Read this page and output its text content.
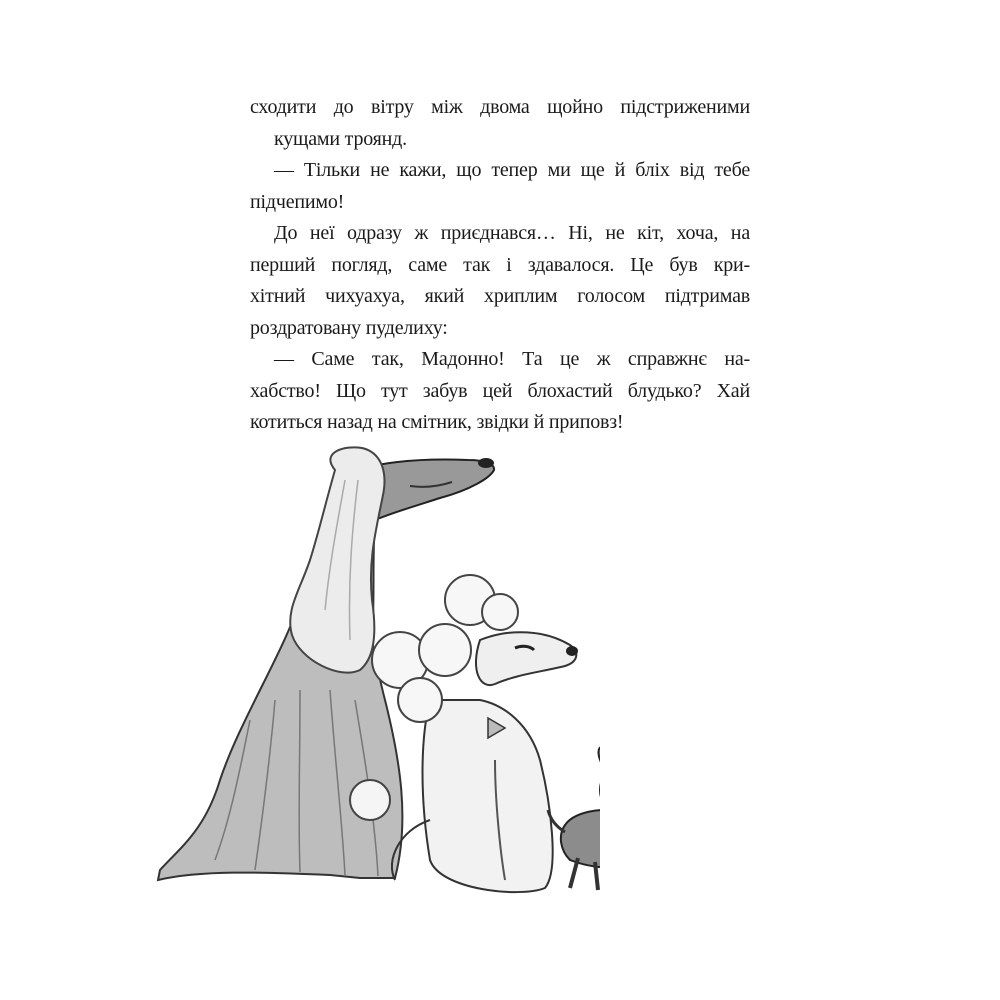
сходити до вітру між двома щойно підстриженими
кущами троянд.
— Тільки не кажи, що тепер ми ще й бліх від тебе
підчепимо!
До неї одразу ж приєднався… Ні, не кіт, хоча, на
перший погляд, саме так і здавалося. Це був кри-
хітний чихуахуа, який хриплим голосом підтримав
роздратовану пуделиху:
— Саме так, Мадонно! Та це ж справжнє на-
хабство! Що тут забув цей блохастий блудько? Хай
котиться назад на смітник, звідки й приповз!
